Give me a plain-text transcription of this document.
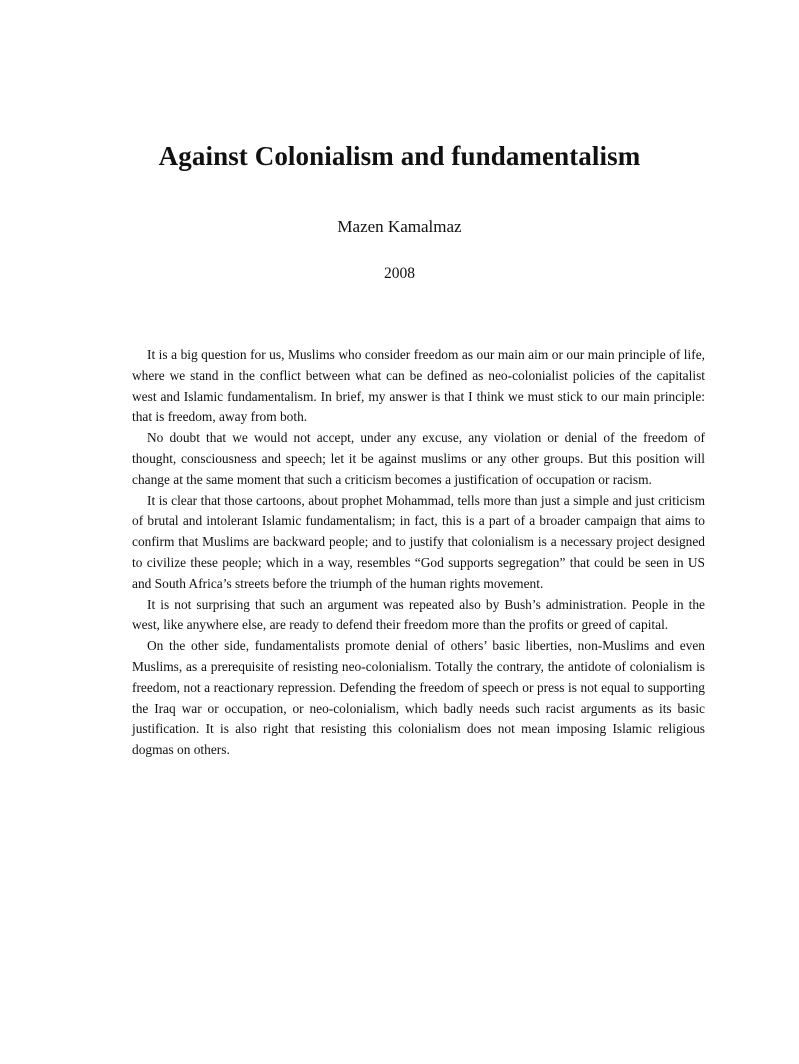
Against Colonialism and fundamentalism
Mazen Kamalmaz
2008

It is a big question for us, Muslims who consider freedom as our main aim or our main principle of life, where we stand in the conflict between what can be defined as neo-colonialist policies of the capitalist west and Islamic fundamentalism. In brief, my answer is that I think we must stick to our main principle: that is freedom, away from both.

No doubt that we would not accept, under any excuse, any violation or denial of the freedom of thought, consciousness and speech; let it be against muslims or any other groups. But this position will change at the same moment that such a criticism becomes a justification of occupation or racism.

It is clear that those cartoons, about prophet Mohammad, tells more than just a simple and just criticism of brutal and intolerant Islamic fundamentalism; in fact, this is a part of a broader campaign that aims to confirm that Muslims are backward people; and to justify that colonialism is a necessary project designed to civilize these people; which in a way, resembles “God supports segregation” that could be seen in US and South Africa’s streets before the triumph of the human rights movement.

It is not surprising that such an argument was repeated also by Bush’s administration. People in the west, like anywhere else, are ready to defend their freedom more than the profits or greed of capital.

On the other side, fundamentalists promote denial of others’ basic liberties, non-Muslims and even Muslims, as a prerequisite of resisting neo-colonialism. Totally the contrary, the antidote of colonialism is freedom, not a reactionary repression. Defending the freedom of speech or press is not equal to supporting the Iraq war or occupation, or neo-colonialism, which badly needs such racist arguments as its basic justification. It is also right that resisting this colonialism does not mean imposing Islamic religious dogmas on others.
